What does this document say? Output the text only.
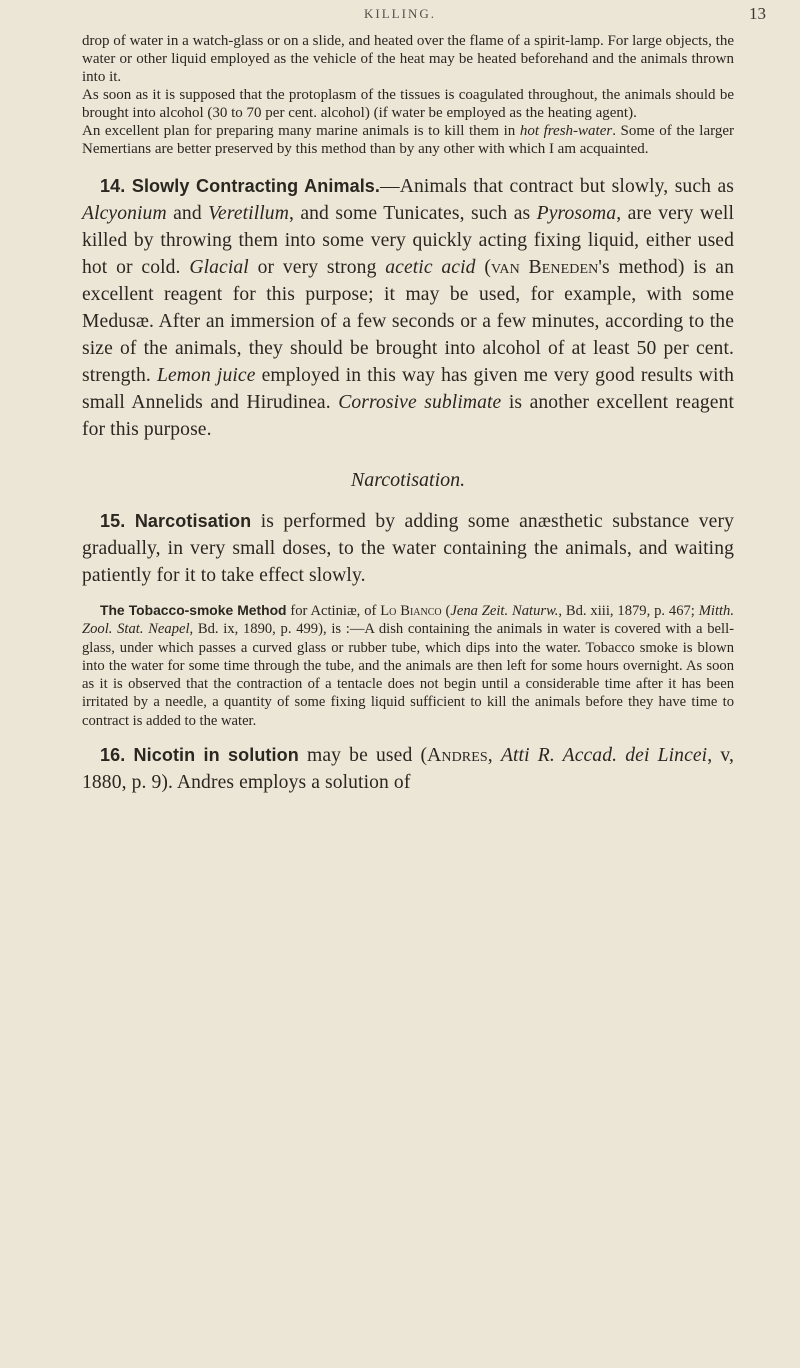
KILLING.	13

drop of water in a watch-glass or on a slide, and heated over the flame of a spirit-lamp. For large objects, the water or other liquid employed as the vehicle of the heat may be heated beforehand and the animals thrown into it.

As soon as it is supposed that the protoplasm of the tissues is coagulated throughout, the animals should be brought into alcohol (30 to 70 per cent. alcohol) (if water be employed as the heating agent).

An excellent plan for preparing many marine animals is to kill them in hot fresh-water. Some of the larger Nemertians are better preserved by this method than by any other with which I am acquainted.

14. Slowly Contracting Animals.—Animals that contract but slowly, such as Alcyonium and Veretillum, and some Tunicates, such as Pyrosoma, are very well killed by throwing them into some very quickly acting fixing liquid, either used hot or cold. Glacial or very strong acetic acid (van Beneden's method) is an excellent reagent for this purpose; it may be used, for example, with some Medusæ. After an immersion of a few seconds or a few minutes, according to the size of the animals, they should be brought into alcohol of at least 50 per cent. strength. Lemon juice employed in this way has given me very good results with small Annelids and Hirudinea. Corrosive sublimate is another excellent reagent for this purpose.

Narcotisation.

15. Narcotisation is performed by adding some anæsthetic substance very gradually, in very small doses, to the water containing the animals, and waiting patiently for it to take effect slowly.

The Tobacco-smoke Method for Actiniæ, of Lo Bianco (Jena Zeit. Naturw., Bd. xiii, 1879, p. 467; Mitth. Zool. Stat. Neapel, Bd. ix, 1890, p. 499), is :—A dish containing the animals in water is covered with a bell-glass, under which passes a curved glass or rubber tube, which dips into the water. Tobacco smoke is blown into the water for some time through the tube, and the animals are then left for some hours overnight. As soon as it is observed that the contraction of a tentacle does not begin until a considerable time after it has been irritated by a needle, a quantity of some fixing liquid sufficient to kill the animals before they have time to contract is added to the water.

16. Nicotin in solution may be used (Andres, Atti R. Accad. dei Lincei, v, 1880, p. 9). Andres employs a solution of
